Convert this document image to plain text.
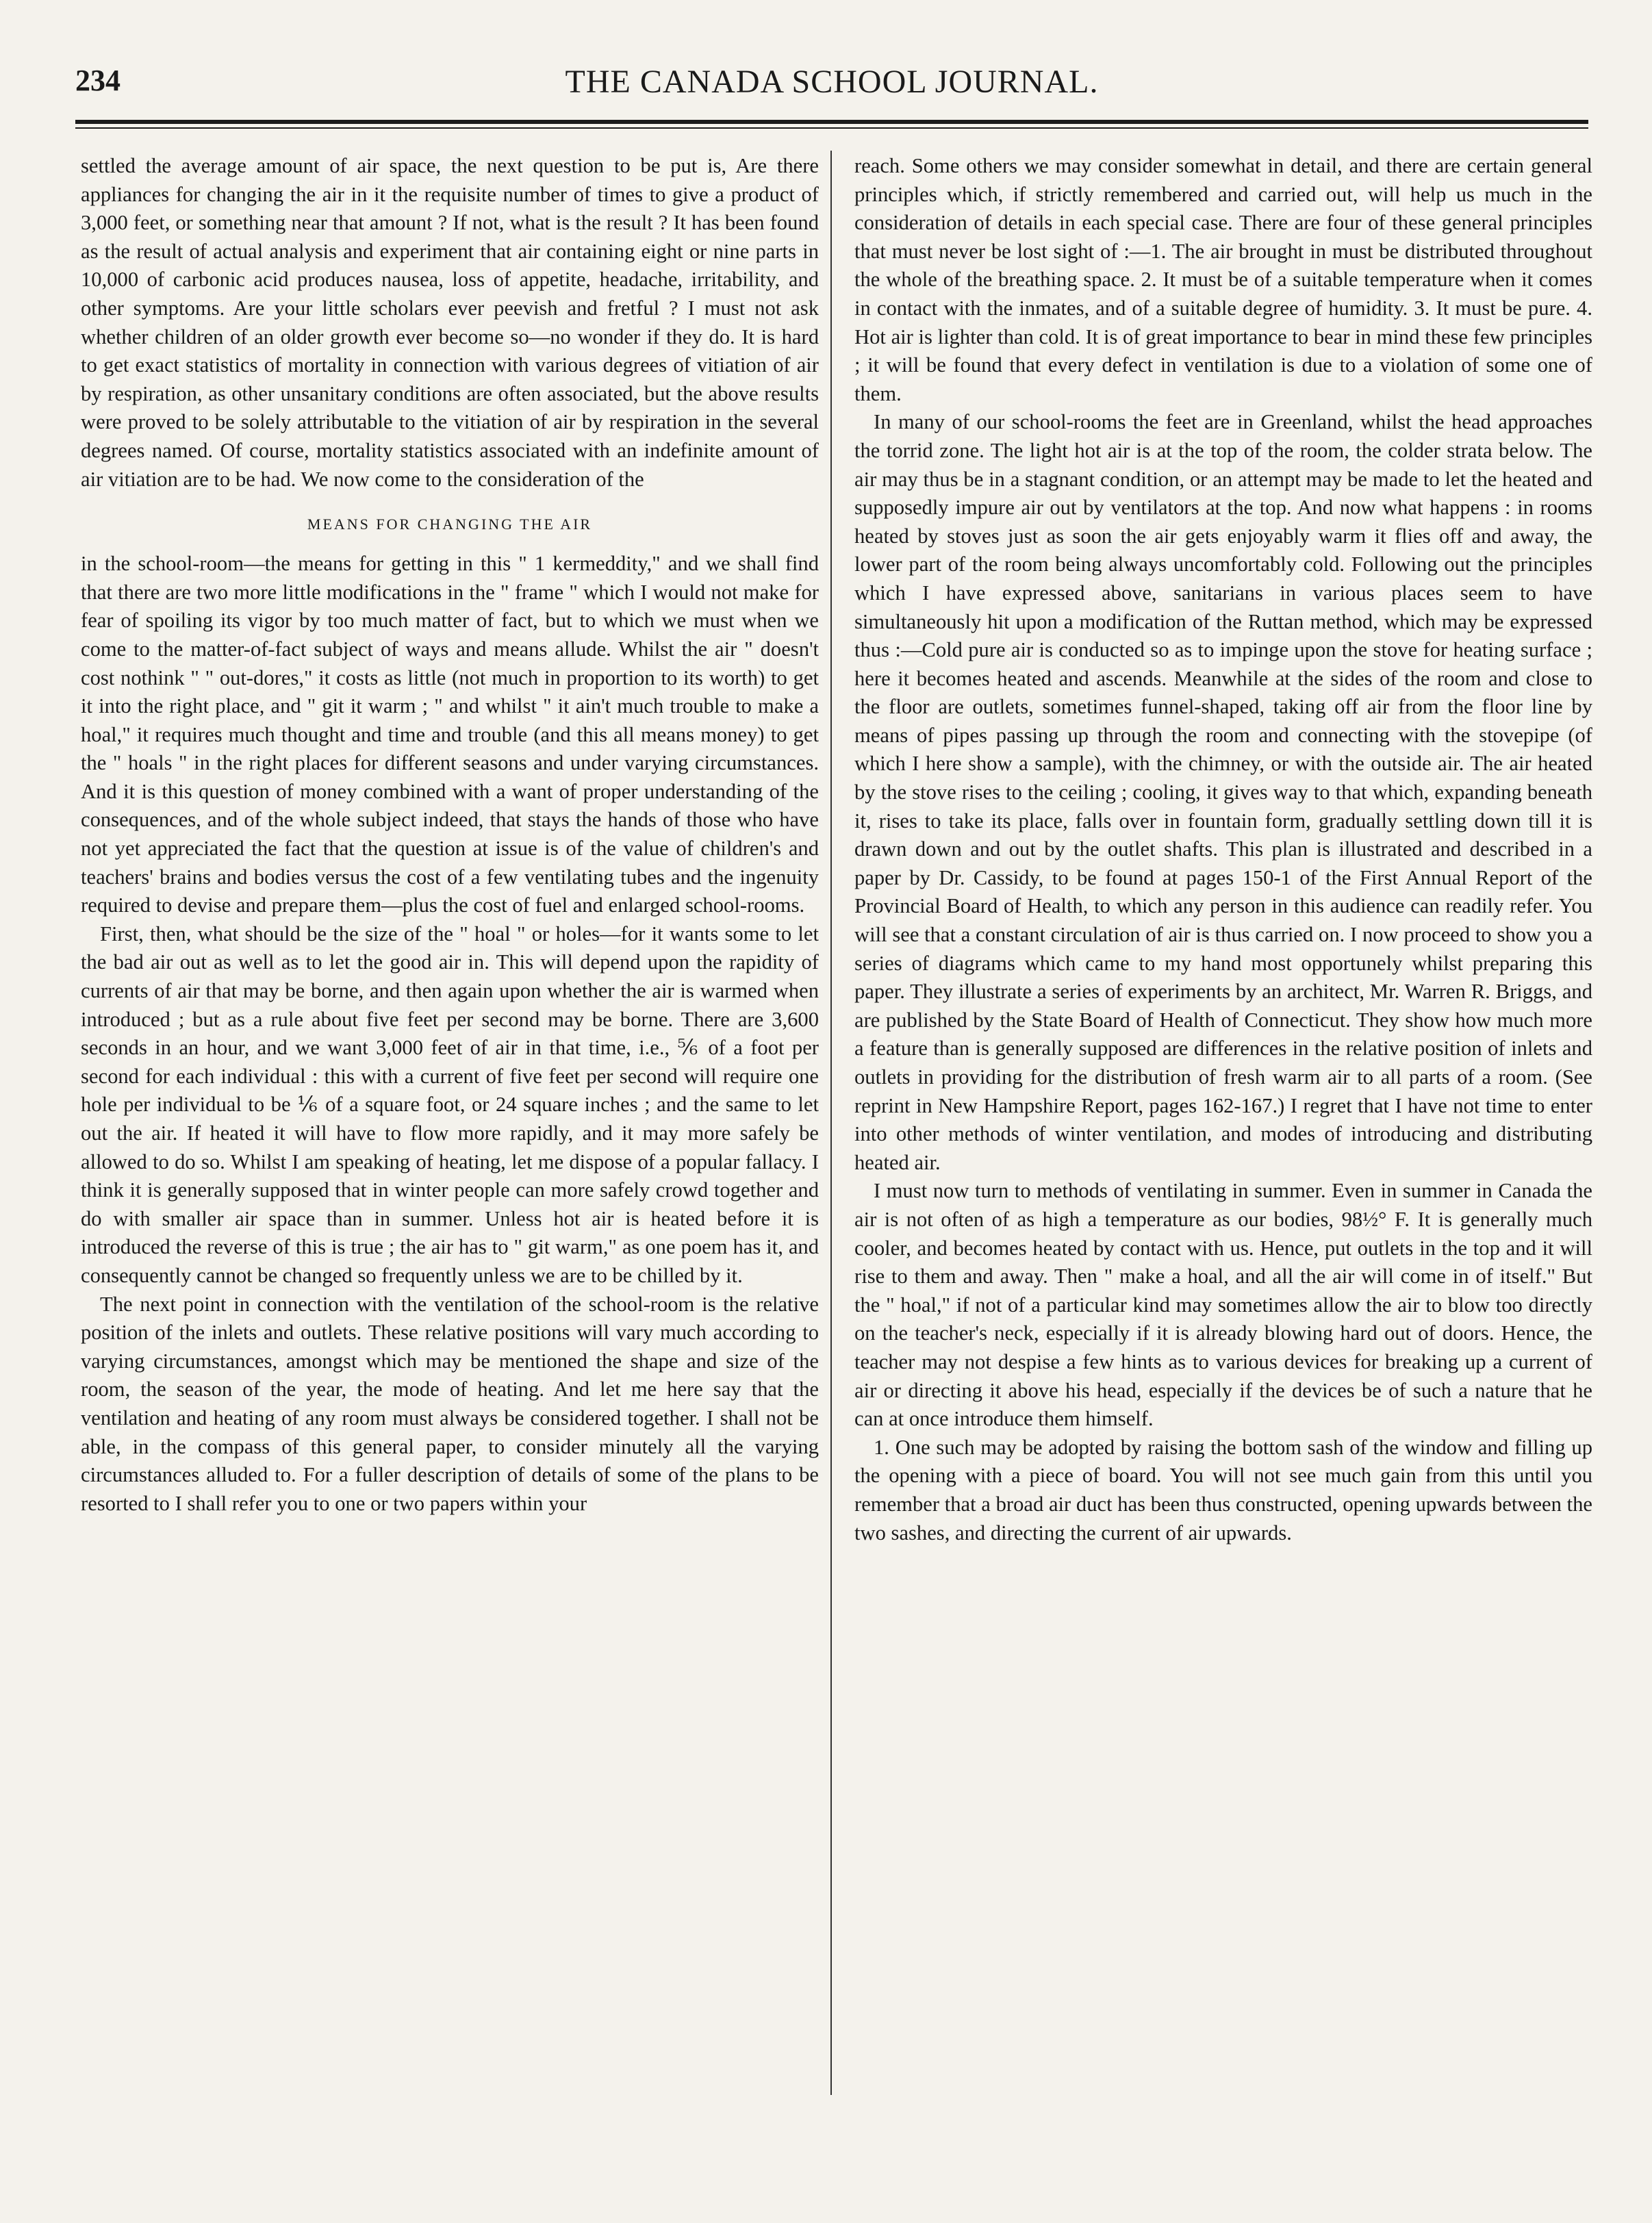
234	THE CANADA SCHOOL JOURNAL.

settled the average amount of air space, the next question to be put is, Are there appliances for changing the air in it the requisite number of times to give a product of 3,000 feet, or something near that amount ? If not, what is the result ? It has been found as the result of actual analysis and experiment that air containing eight or nine parts in 10,000 of carbonic acid produces nausea, loss of appetite, headache, irritability, and other symptoms. Are your little scholars ever peevish and fretful ? I must not ask whether children of an older growth ever become so—no wonder if they do. It is hard to get exact statistics of mortality in connection with various degrees of vitiation of air by respiration, as other unsanitary conditions are often associated, but the above results were proved to be solely attributable to the vitiation of air by respiration in the several degrees named. Of course, mortality statistics associated with an indefinite amount of air vitiation are to be had. We now come to the consideration of the

MEANS FOR CHANGING THE AIR

in the school-room—the means for getting in this " 1 kermeddity," and we shall find that there are two more little modifications in the " frame " which I would not make for fear of spoiling its vigor by too much matter of fact, but to which we must when we come to the matter-of-fact subject of ways and means allude. Whilst the air " doesn't cost nothink " " out-dores," it costs as little (not much in proportion to its worth) to get it into the right place, and " git it warm ; " and whilst " it ain't much trouble to make a hoal," it requires much thought and time and trouble (and this all means money) to get the " hoals " in the right places for different seasons and under varying circumstances. And it is this question of money combined with a want of proper understanding of the consequences, and of the whole subject indeed, that stays the hands of those who have not yet appreciated the fact that the question at issue is of the value of children's and teachers' brains and bodies versus the cost of a few ventilating tubes and the ingenuity required to devise and prepare them—plus the cost of fuel and enlarged school-rooms.

First, then, what should be the size of the " hoal " or holes—for it wants some to let the bad air out as well as to let the good air in. This will depend upon the rapidity of currents of air that may be borne, and then again upon whether the air is warmed when introduced ; but as a rule about five feet per second may be borne. There are 3,600 seconds in an hour, and we want 3,000 feet of air in that time, i.e., ⅚ of a foot per second for each individual : this with a current of five feet per second will require one hole per individual to be ⅙ of a square foot, or 24 square inches ; and the same to let out the air. If heated it will have to flow more rapidly, and it may more safely be allowed to do so. Whilst I am speaking of heating, let me dispose of a popular fallacy. I think it is generally supposed that in winter people can more safely crowd together and do with smaller air space than in summer. Unless hot air is heated before it is introduced the reverse of this is true ; the air has to " git warm," as one poem has it, and consequently cannot be changed so frequently unless we are to be chilled by it.

The next point in connection with the ventilation of the school-room is the relative position of the inlets and outlets. These relative positions will vary much according to varying circumstances, amongst which may be mentioned the shape and size of the room, the season of the year, the mode of heating. And let me here say that the ventilation and heating of any room must always be considered together. I shall not be able, in the compass of this general paper, to consider minutely all the varying circumstances alluded to. For a fuller description of details of some of the plans to be resorted to I shall refer you to one or two papers within your

reach. Some others we may consider somewhat in detail, and there are certain general principles which, if strictly remembered and carried out, will help us much in the consideration of details in each special case. There are four of these general principles that must never be lost sight of :—1. The air brought in must be distributed throughout the whole of the breathing space. 2. It must be of a suitable temperature when it comes in contact with the inmates, and of a suitable degree of humidity. 3. It must be pure. 4. Hot air is lighter than cold. It is of great importance to bear in mind these few principles ; it will be found that every defect in ventilation is due to a violation of some one of them.

In many of our school-rooms the feet are in Greenland, whilst the head approaches the torrid zone. The light hot air is at the top of the room, the colder strata below. The air may thus be in a stagnant condition, or an attempt may be made to let the heated and supposedly impure air out by ventilators at the top. And now what happens : in rooms heated by stoves just as soon the air gets enjoyably warm it flies off and away, the lower part of the room being always uncomfortably cold. Following out the principles which I have expressed above, sanitarians in various places seem to have simultaneously hit upon a modification of the Ruttan method, which may be expressed thus :—Cold pure air is conducted so as to impinge upon the stove for heating surface ; here it becomes heated and ascends. Meanwhile at the sides of the room and close to the floor are outlets, sometimes funnel-shaped, taking off air from the floor line by means of pipes passing up through the room and connecting with the stovepipe (of which I here show a sample), with the chimney, or with the outside air. The air heated by the stove rises to the ceiling ; cooling, it gives way to that which, expanding beneath it, rises to take its place, falls over in fountain form, gradually settling down till it is drawn down and out by the outlet shafts. This plan is illustrated and described in a paper by Dr. Cassidy, to be found at pages 150-1 of the First Annual Report of the Provincial Board of Health, to which any person in this audience can readily refer. You will see that a constant circulation of air is thus carried on. I now proceed to show you a series of diagrams which came to my hand most opportunely whilst preparing this paper. They illustrate a series of experiments by an architect, Mr. Warren R. Briggs, and are published by the State Board of Health of Connecticut. They show how much more a feature than is generally supposed are differences in the relative position of inlets and outlets in providing for the distribution of fresh warm air to all parts of a room. (See reprint in New Hampshire Report, pages 162-167.) I regret that I have not time to enter into other methods of winter ventilation, and modes of introducing and distributing heated air.

I must now turn to methods of ventilating in summer. Even in summer in Canada the air is not often of as high a temperature as our bodies, 98½° F. It is generally much cooler, and becomes heated by contact with us. Hence, put outlets in the top and it will rise to them and away. Then " make a hoal, and all the air will come in of itself." But the " hoal," if not of a particular kind may sometimes allow the air to blow too directly on the teacher's neck, especially if it is already blowing hard out of doors. Hence, the teacher may not despise a few hints as to various devices for breaking up a current of air or directing it above his head, especially if the devices be of such a nature that he can at once introduce them himself.

1. One such may be adopted by raising the bottom sash of the window and filling up the opening with a piece of board. You will not see much gain from this until you remember that a broad air duct has been thus constructed, opening upwards between the two sashes, and directing the current of air upwards.
